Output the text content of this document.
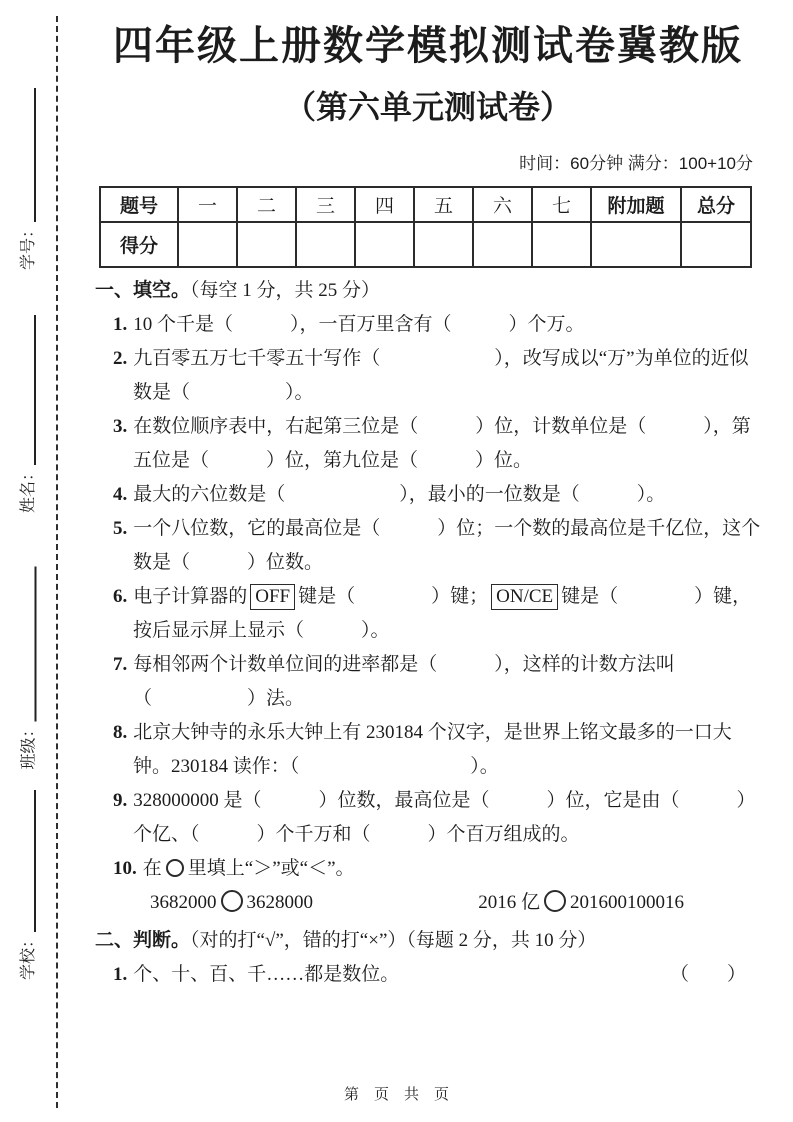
学号：
姓名：
班级：
学校：
四年级上册数学模拟测试卷冀教版
（第六单元测试卷）
时间：60分钟 满分：100+10分
题号	一	二	三	四	五	六	七	附加题	总分
得分									
一、填空。（每空 1 分，共 25 分）
1. 10 个千是（　　　），一百万里含有（　　　）个万。
2. 九百零五万七千零五十写作（　　　　　　），改写成以“万”为单位的近似数是（　　　　　）。
3. 在数位顺序表中，右起第三位是（　　　）位，计数单位是（　　　），第五位是（　　　）位，第九位是（　　　）位。
4. 最大的六位数是（　　　　　　），最小的一位数是（　　　）。
5. 一个八位数，它的最高位是（　　　）位；一个数的最高位是千亿位，这个数是（　　　）位数。
6. 电子计算器的 OFF 键是（　　　　）键； ON/CE 键是（　　　　）键，按后显示屏上显示（　　　）。
7. 每相邻两个计数单位间的进率都是（　　　），这样的计数方法叫（　　　　　）法。
8. 北京大钟寺的永乐大钟上有 230184 个汉字，是世界上铭文最多的一口大钟。230184 读作：（　　　　　　　　　）。
9. 328000000 是（　　　）位数，最高位是（　　　）位，它是由（　　　）个亿、（　　　）个千万和（　　　）个百万组成的。
10. 在 里填上“＞”或“＜”。
3682000 3628000	2016 亿 201600100016
二、判断。（对的打“√”，错的打“×”）（每题 2 分，共 10 分）
1. 个、十、百、千……都是数位。	（　　）
第　页　共　页
